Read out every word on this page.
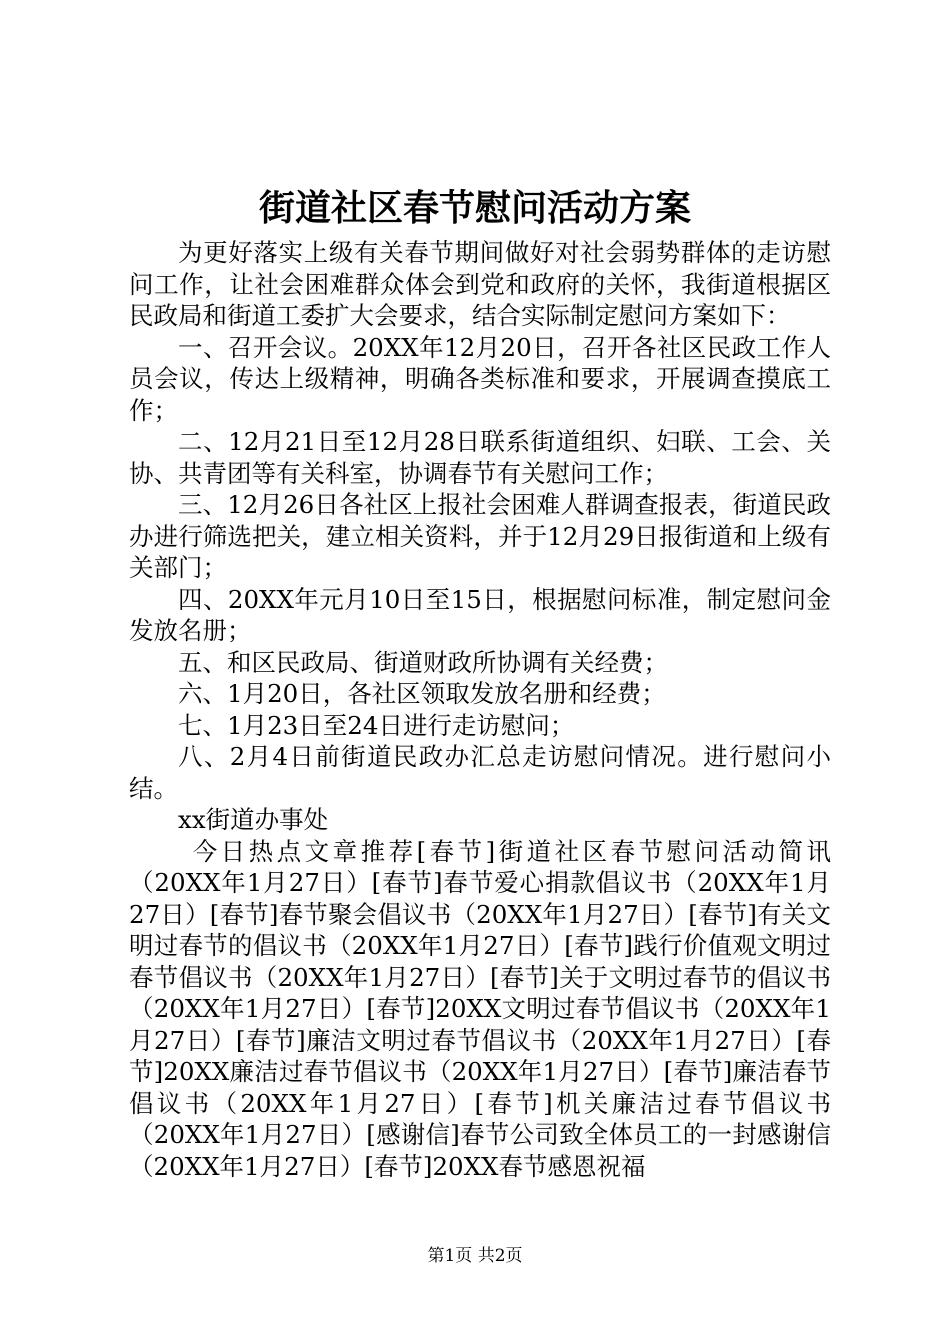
街道社区春节慰问活动方案

为更好落实上级有关春节期间做好对社会弱势群体的走访慰问工作，让社会困难群众体会到党和政府的关怀，我街道根据区民政局和街道工委扩大会要求，结合实际制定慰问方案如下：

一、召开会议。20XX年12月20日，召开各社区民政工作人员会议，传达上级精神，明确各类标准和要求，开展调查摸底工作；

二、12月21日至12月28日联系街道组织、妇联、工会、关协、共青团等有关科室，协调春节有关慰问工作；

三、12月26日各社区上报社会困难人群调查报表，街道民政办进行筛选把关，建立相关资料，并于12月29日报街道和上级有关部门；

四、20XX年元月10日至15日，根据慰问标准，制定慰问金发放名册；

五、和区民政局、街道财政所协调有关经费；

六、1月20日，各社区领取发放名册和经费；

七、1月23日至24日进行走访慰问；

八、2月4日前街道民政办汇总走访慰问情况。进行慰问小结。

xx街道办事处

今日热点文章推荐[春节]街道社区春节慰问活动简讯（20XX年1月27日）[春节]春节爱心捐款倡议书（20XX年1月27日）[春节]春节聚会倡议书（20XX年1月27日）[春节]有关文明过春节的倡议书（20XX年1月27日）[春节]践行价值观文明过春节倡议书（20XX年1月27日）[春节]关于文明过春节的倡议书（20XX年1月27日）[春节]20XX文明过春节倡议书（20XX年1月27日）[春节]廉洁文明过春节倡议书（20XX年1月27日）[春节]20XX廉洁过春节倡议书（20XX年1月27日）[春节]廉洁春节倡议书（20XX年1月27日）[春节]机关廉洁过春节倡议书（20XX年1月27日）[感谢信]春节公司致全体员工的一封感谢信（20XX年1月27日）[春节]20XX春节感恩祝福

第1页 共2页
